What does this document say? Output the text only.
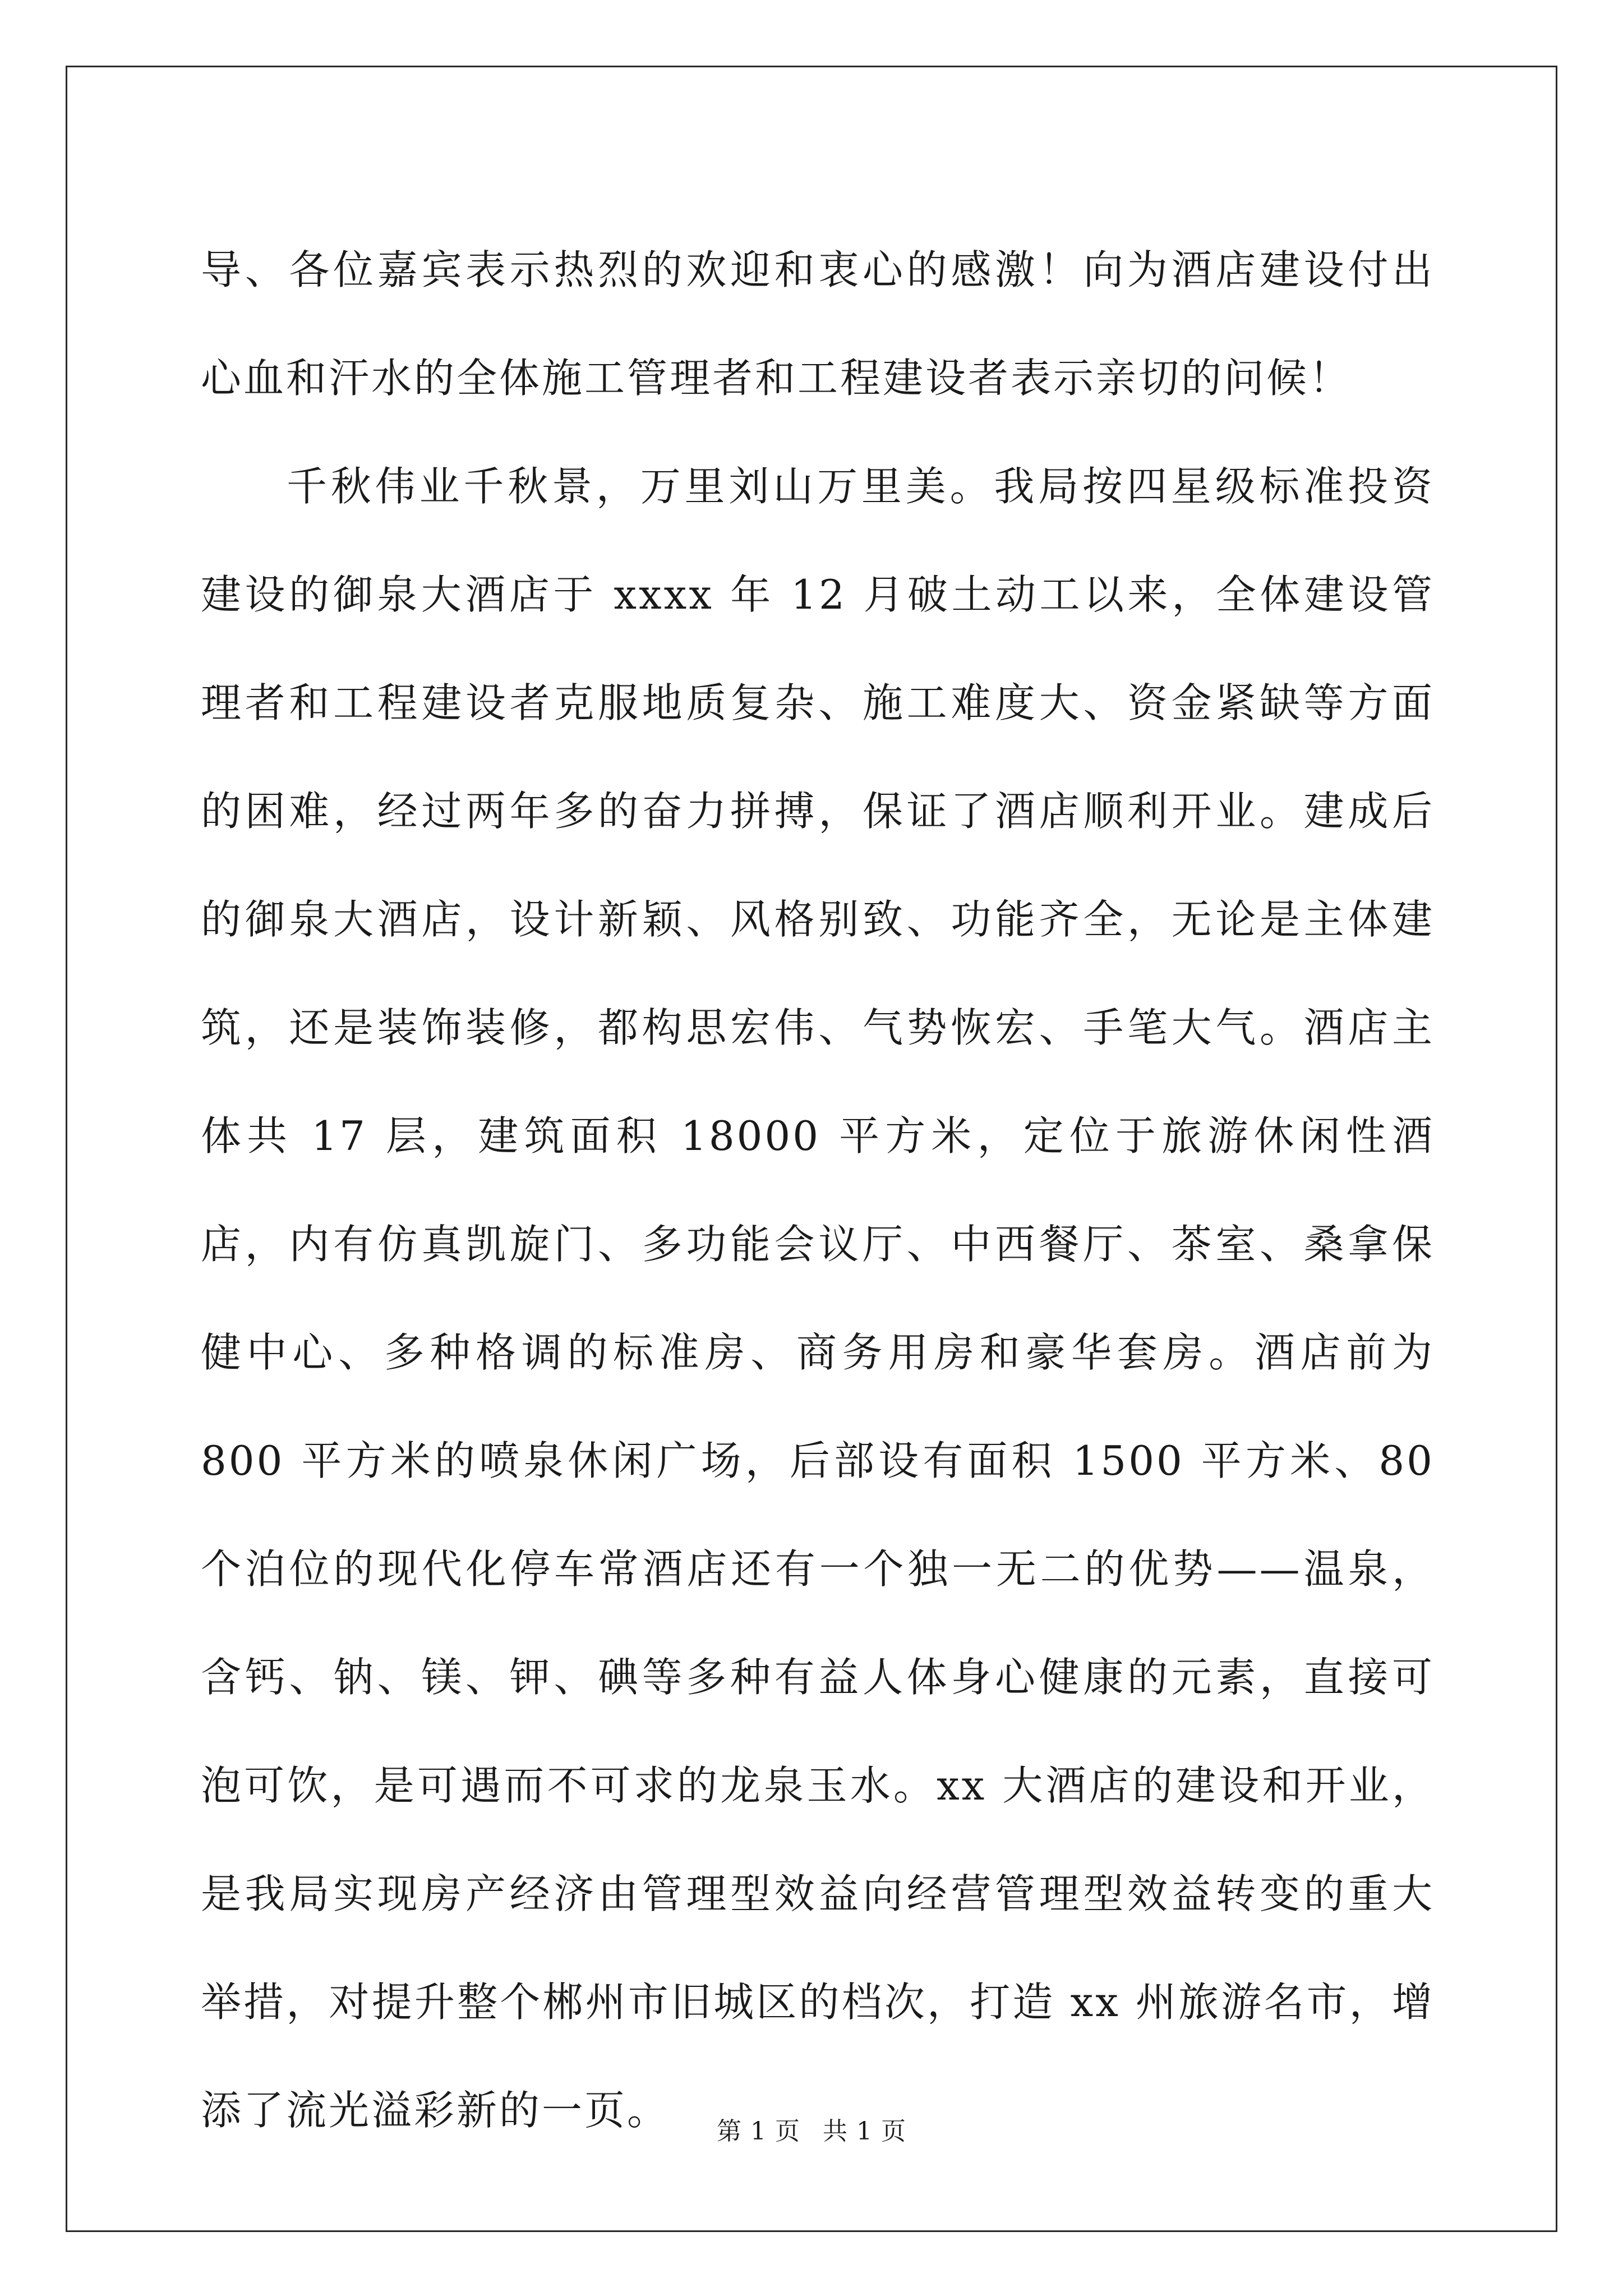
导、各位嘉宾表示热烈的欢迎和衷心的感激！向为酒店建设付出心血和汗水的全体施工管理者和工程建设者表示亲切的问候！

千秋伟业千秋景，万里刘山万里美。我局按四星级标准投资建设的御泉大酒店于 xxxx 年 12 月破土动工以来，全体建设管理者和工程建设者克服地质复杂、施工难度大、资金紧缺等方面的困难，经过两年多的奋力拼搏，保证了酒店顺利开业。建成后的御泉大酒店，设计新颖、风格别致、功能齐全，无论是主体建筑，还是装饰装修，都构思宏伟、气势恢宏、手笔大气。酒店主体共 17 层，建筑面积 18000 平方米，定位于旅游休闲性酒店，内有仿真凯旋门、多功能会议厅、中西餐厅、茶室、桑拿保健中心、多种格调的标准房、商务用房和豪华套房。酒店前为 800 平方米的喷泉休闲广场，后部设有面积 1500 平方米、80 个泊位的现代化停车常酒店还有一个独一无二的优势——温泉，含钙、钠、镁、钾、碘等多种有益人体身心健康的元素，直接可泡可饮，是可遇而不可求的龙泉玉水。xx 大酒店的建设和开业，是我局实现房产经济由管理型效益向经营管理型效益转变的重大举措，对提升整个郴州市旧城区的档次，打造 xx 州旅游名市，增添了流光溢彩新的一页。	第 1 页 共 1 页
